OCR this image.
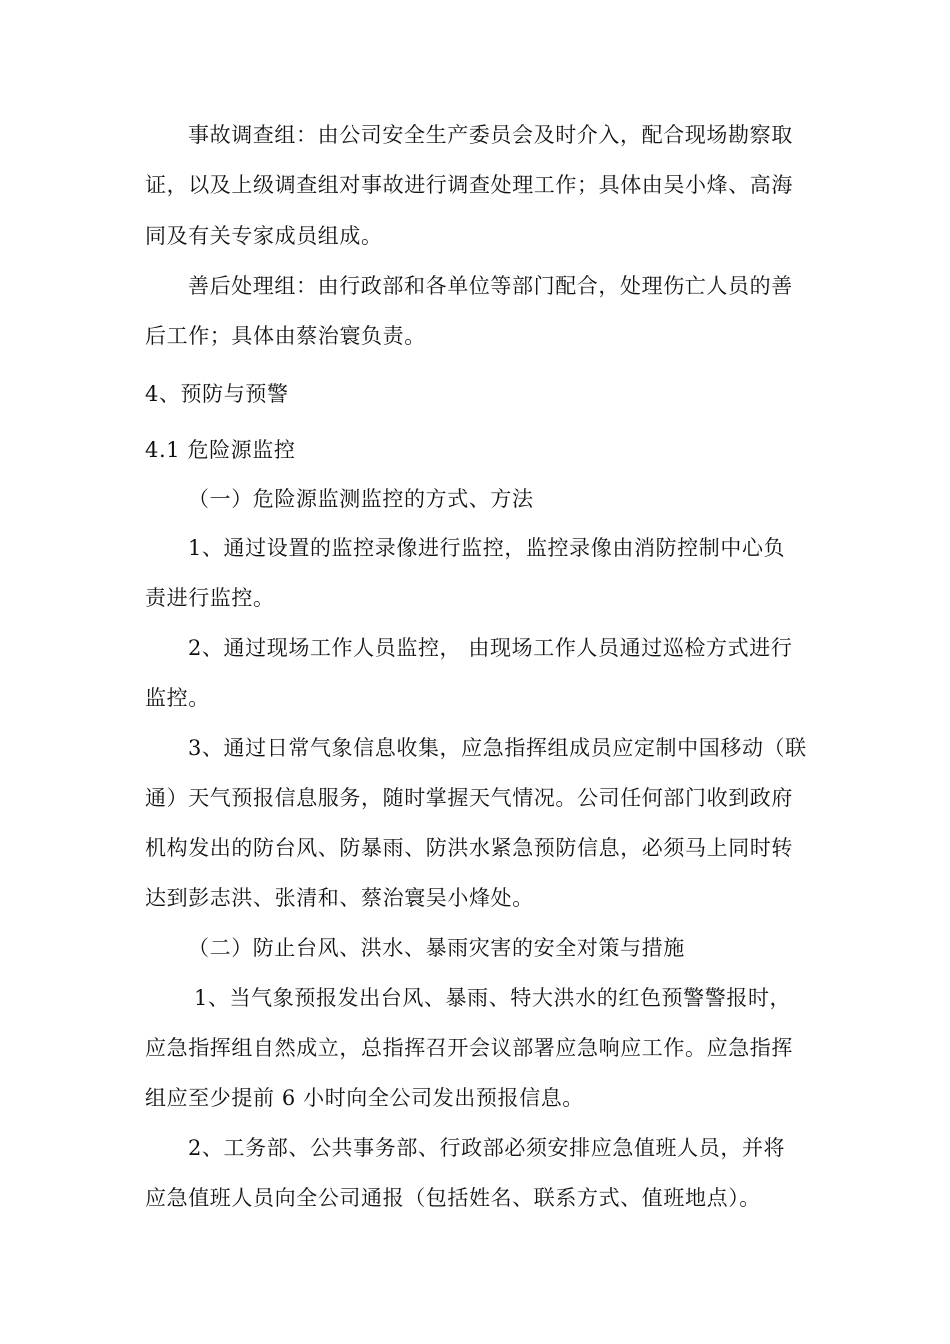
事故调查组：由公司安全生产委员会及时介入，配合现场勘察取
证，以及上级调查组对事故进行调查处理工作；具体由吴小烽、高海
同及有关专家成员组成。
善后处理组：由行政部和各单位等部门配合，处理伤亡人员的善
后工作；具体由蔡治寰负责。
4、预防与预警
4.1 危险源监控
（一）危险源监测监控的方式、方法
1、通过设置的监控录像进行监控，监控录像由消防控制中心负
责进行监控。
2、通过现场工作人员监控， 由现场工作人员通过巡检方式进行
监控。
3、通过日常气象信息收集，应急指挥组成员应定制中国移动（联
通）天气预报信息服务，随时掌握天气情况。公司任何部门收到政府
机构发出的防台风、防暴雨、防洪水紧急预防信息，必须马上同时转
达到彭志洪、张清和、蔡治寰吴小烽处。
（二）防止台风、洪水、暴雨灾害的安全对策与措施
1、当气象预报发出台风、暴雨、特大洪水的红色预警警报时，
应急指挥组自然成立，总指挥召开会议部署应急响应工作。应急指挥
组应至少提前 6 小时向全公司发出预报信息。
2、工务部、公共事务部、行政部必须安排应急值班人员，并将
应急值班人员向全公司通报（包括姓名、联系方式、值班地点）。
